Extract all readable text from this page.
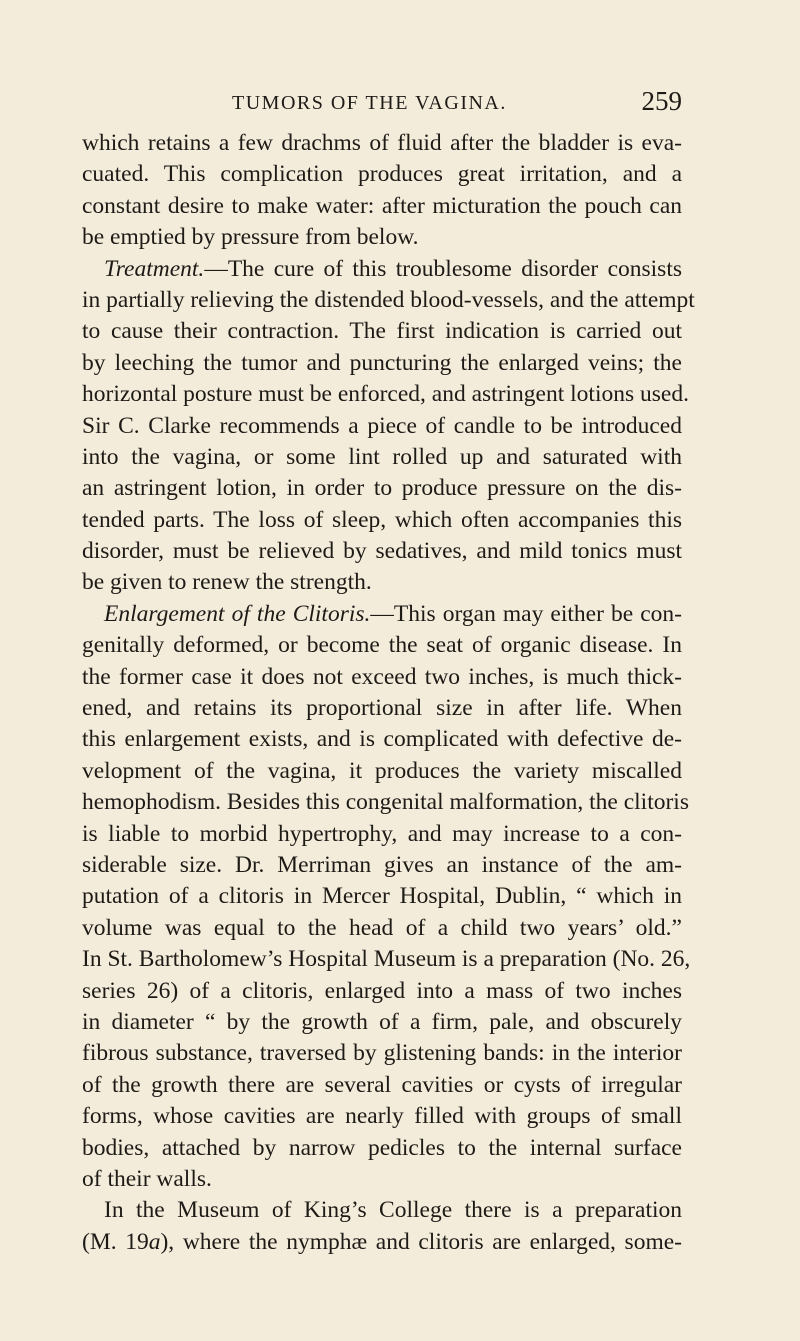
TUMORS OF THE VAGINA.	259
which retains a few drachms of fluid after the bladder is eva-
cuated. This complication produces great irritation, and a
constant desire to make water: after micturation the pouch can
be emptied by pressure from below.
Treatment.—The cure of this troublesome disorder consists
in partially relieving the distended blood-vessels, and the attempt
to cause their contraction. The first indication is carried out
by leeching the tumor and puncturing the enlarged veins; the
horizontal posture must be enforced, and astringent lotions used.
Sir C. Clarke recommends a piece of candle to be introduced
into the vagina, or some lint rolled up and saturated with
an astringent lotion, in order to produce pressure on the dis-
tended parts. The loss of sleep, which often accompanies this
disorder, must be relieved by sedatives, and mild tonics must
be given to renew the strength.
Enlargement of the Clitoris.—This organ may either be con-
genitally deformed, or become the seat of organic disease. In
the former case it does not exceed two inches, is much thick-
ened, and retains its proportional size in after life. When
this enlargement exists, and is complicated with defective de-
velopment of the vagina, it produces the variety miscalled
hemophodism. Besides this congenital malformation, the clitoris
is liable to morbid hypertrophy, and may increase to a con-
siderable size. Dr. Merriman gives an instance of the am-
putation of a clitoris in Mercer Hospital, Dublin, “ which in
volume was equal to the head of a child two years’ old.”
In St. Bartholomew’s Hospital Museum is a preparation (No. 26,
series 26) of a clitoris, enlarged into a mass of two inches
in diameter “ by the growth of a firm, pale, and obscurely
fibrous substance, traversed by glistening bands: in the interior
of the growth there are several cavities or cysts of irregular
forms, whose cavities are nearly filled with groups of small
bodies, attached by narrow pedicles to the internal surface
of their walls.
In the Museum of King’s College there is a preparation
(M. 19a), where the nymphæ and clitoris are enlarged, some-
